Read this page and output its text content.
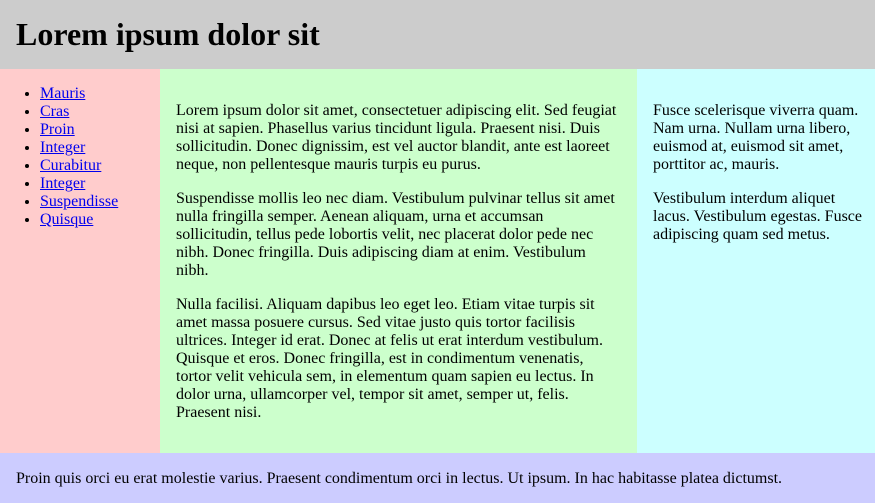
Lorem ipsum dolor sit
• Mauris
• Cras
• Proin
• Integer
• Curabitur
• Integer
• Suspendisse
• Quisque

Lorem ipsum dolor sit amet, consectetuer adipiscing elit. Sed feugiat nisi at sapien. Phasellus varius tincidunt ligula. Praesent nisi. Duis sollicitudin. Donec dignissim, est vel auctor blandit, ante est laoreet neque, non pellentesque mauris turpis eu purus.

Suspendisse mollis leo nec diam. Vestibulum pulvinar tellus sit amet nulla fringilla semper. Aenean aliquam, urna et accumsan sollicitudin, tellus pede lobortis velit, nec placerat dolor pede nec nibh. Donec fringilla. Duis adipiscing diam at enim. Vestibulum nibh.

Nulla facilisi. Aliquam dapibus leo eget leo. Etiam vitae turpis sit amet massa posuere cursus. Sed vitae justo quis tortor facilisis ultrices. Integer id erat. Donec at felis ut erat interdum vestibulum. Quisque et eros. Donec fringilla, est in condimentum venenatis, tortor velit vehicula sem, in elementum quam sapien eu lectus. In dolor urna, ullamcorper vel, tempor sit amet, semper ut, felis. Praesent nisi.

Fusce scelerisque viverra quam. Nam urna. Nullam urna libero, euismod at, euismod sit amet, porttitor ac, mauris.

Vestibulum interdum aliquet lacus. Vestibulum egestas. Fusce adipiscing quam sed metus.

Proin quis orci eu erat molestie varius. Praesent condimentum orci in lectus. Ut ipsum. In hac habitasse platea dictumst.
